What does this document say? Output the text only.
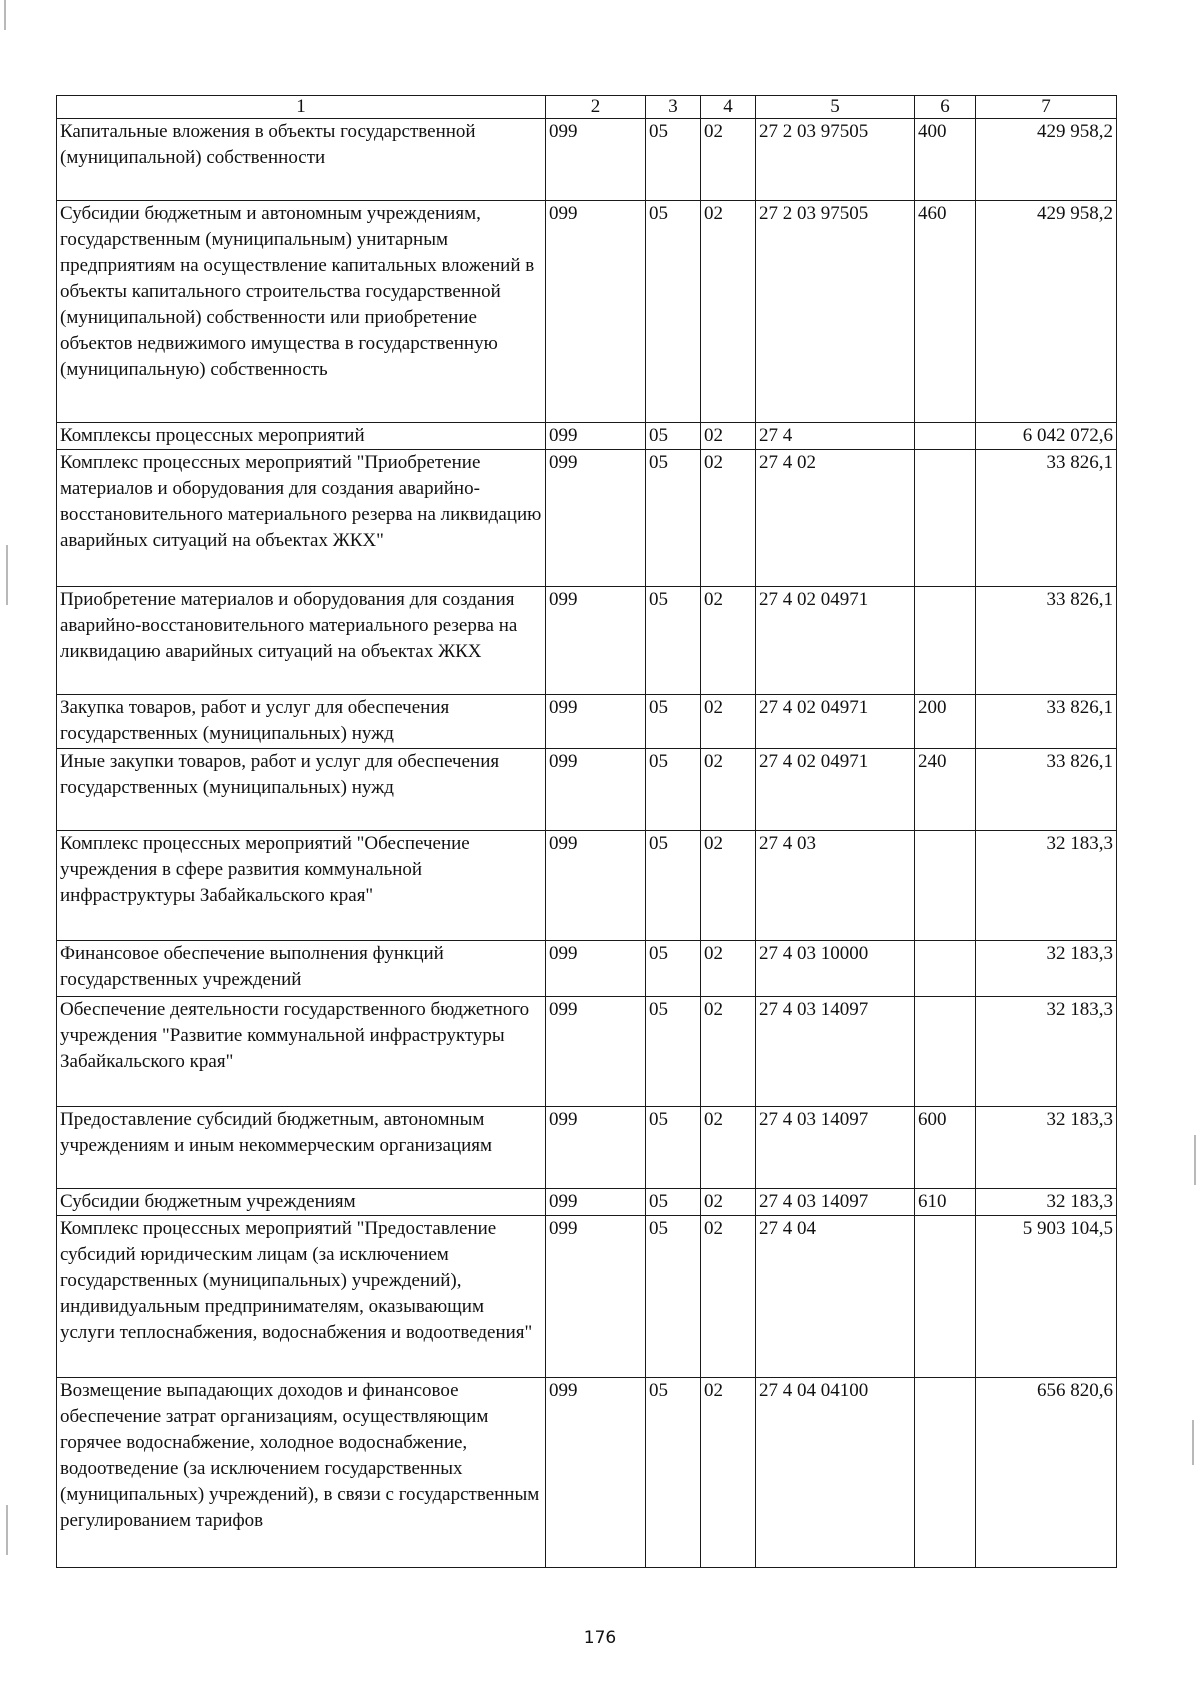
1	2	3	4	5	6	7
Капитальные вложения в объекты государственной (муниципальной) собственности	099	05	02	27 2 03 97505	400	429 958,2
Субсидии бюджетным и автономным учреждениям, государственным (муниципальным) унитарным предприятиям на осуществление капитальных вложений в объекты капитального строительства государственной (муниципальной) собственности или приобретение объектов недвижимого имущества в государственную (муниципальную) собственность	099	05	02	27 2 03 97505	460	429 958,2
Комплексы процессных мероприятий	099	05	02	27 4		6 042 072,6
Комплекс процессных мероприятий "Приобретение материалов и оборудования для создания аварийно-восстановительного материального резерва на ликвидацию аварийных ситуаций на объектах ЖКХ"	099	05	02	27 4 02		33 826,1
Приобретение материалов и оборудования для создания аварийно-восстановительного материального резерва на ликвидацию аварийных ситуаций на объектах ЖКХ	099	05	02	27 4 02 04971		33 826,1
Закупка товаров, работ и услуг для обеспечения государственных (муниципальных) нужд	099	05	02	27 4 02 04971	200	33 826,1
Иные закупки товаров, работ и услуг для обеспечения государственных (муниципальных) нужд	099	05	02	27 4 02 04971	240	33 826,1
Комплекс процессных мероприятий "Обеспечение учреждения в сфере развития коммунальной инфраструктуры Забайкальского края"	099	05	02	27 4 03		32 183,3
Финансовое обеспечение выполнения функций государственных учреждений	099	05	02	27 4 03 10000		32 183,3
Обеспечение деятельности государственного бюджетного учреждения "Развитие коммунальной инфраструктуры Забайкальского края"	099	05	02	27 4 03 14097		32 183,3
Предоставление субсидий бюджетным, автономным учреждениям и иным некоммерческим организациям	099	05	02	27 4 03 14097	600	32 183,3
Субсидии бюджетным учреждениям	099	05	02	27 4 03 14097	610	32 183,3
Комплекс процессных мероприятий "Предоставление субсидий юридическим лицам (за исключением государственных (муниципальных) учреждений), индивидуальным предпринимателям, оказывающим услуги теплоснабжения, водоснабжения и водоотведения"	099	05	02	27 4 04		5 903 104,5
Возмещение выпадающих доходов и финансовое обеспечение затрат организациям, осуществляющим горячее водоснабжение, холодное водоснабжение, водоотведение (за исключением государственных (муниципальных) учреждений), в связи с государственным регулированием тарифов	099	05	02	27 4 04 04100		656 820,6
176
